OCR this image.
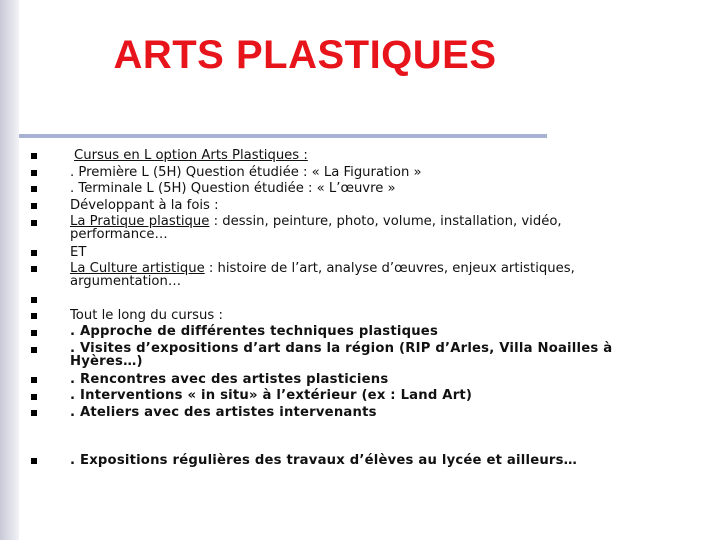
ARTS PLASTIQUES
Cursus en L option Arts Plastiques :
. Première L (5H) Question étudiée : « La Figuration »
. Terminale L (5H) Question étudiée : « L’œuvre »
Développant à la fois :
La Pratique plastique : dessin, peinture, photo, volume, installation, vidéo, performance…
ET
La Culture artistique : histoire de l’art, analyse d’œuvres, enjeux artistiques, argumentation…
Tout le long du cursus :
. Approche de différentes techniques plastiques
. Visites d’expositions d’art dans la région (RIP d’Arles, Villa Noailles à Hyères…)
. Rencontres avec des artistes plasticiens
. Interventions « in situ» à l’extérieur (ex : Land Art)
. Ateliers avec des artistes intervenants
. Expositions régulières des travaux d’élèves au lycée et ailleurs…
